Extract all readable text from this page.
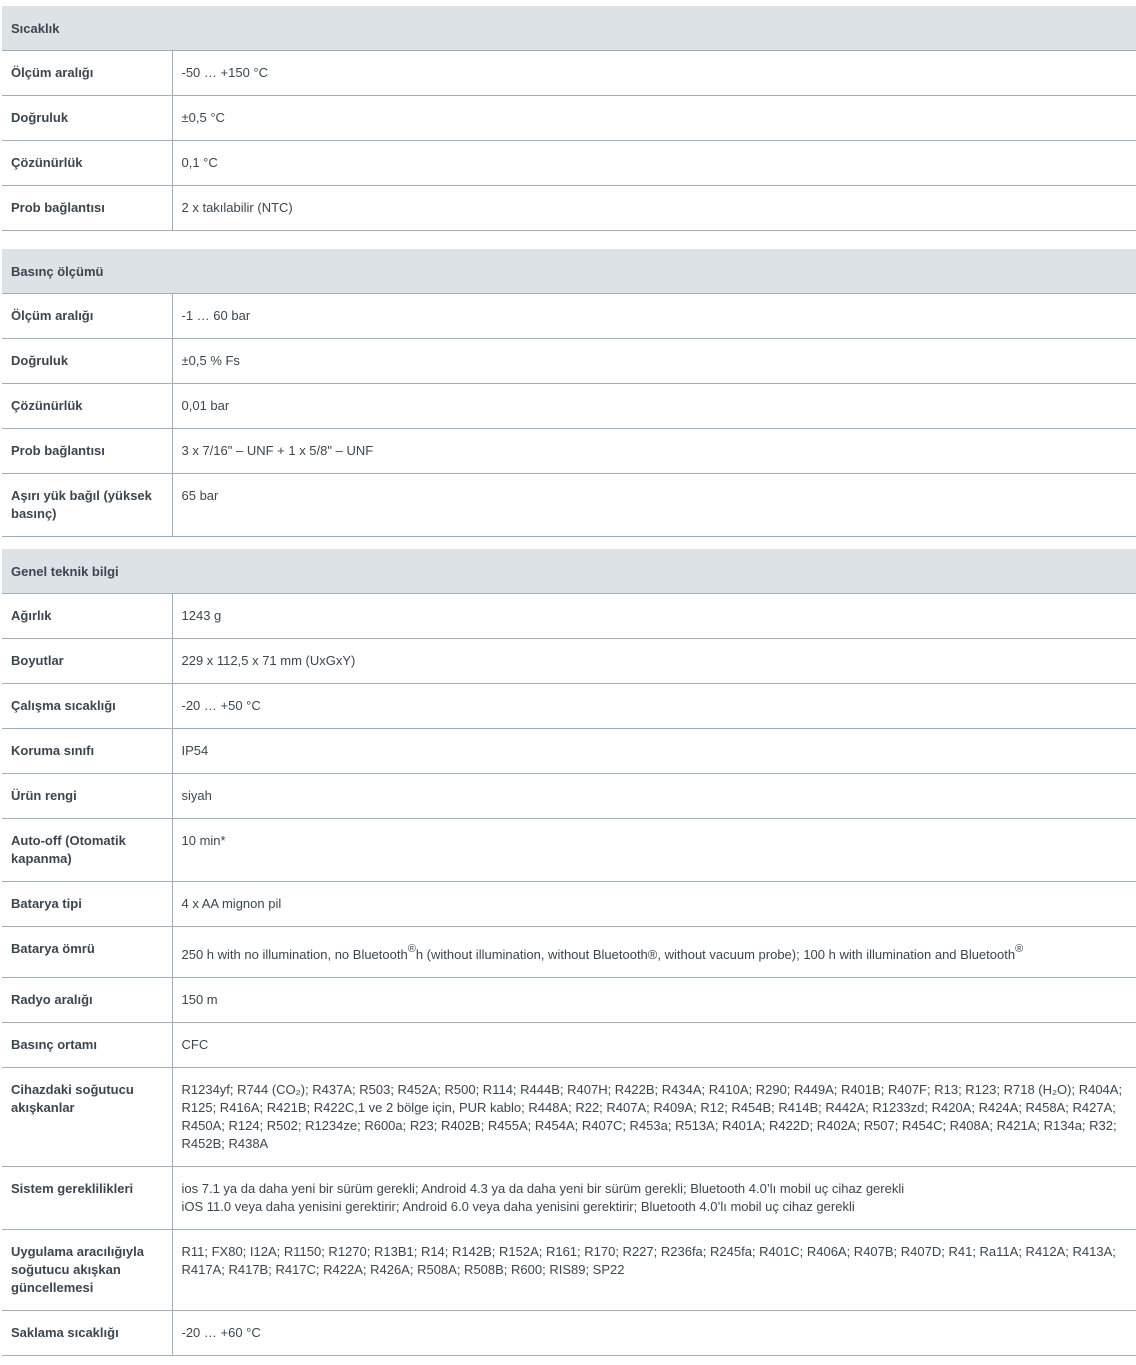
Sıcaklık	
Ölçüm aralığı	-50 … +150 °C
Doğruluk	±0,5 °C
Çözünürlük	0,1 °C
Prob bağlantısı	2 x takılabilir (NTC)
Basınç ölçümü	
Ölçüm aralığı	-1 … 60 bar
Doğruluk	±0,5 % Fs
Çözünürlük	0,01 bar
Prob bağlantısı	3 x 7/16" – UNF + 1 x 5/8" – UNF
Aşırı yük bağıl (yüksek basınç)	65 bar
Genel teknik bilgi	
Ağırlık	1243 g
Boyutlar	229 x 112,5 x 71 mm (UxGxY)
Çalışma sıcaklığı	-20 … +50 °C
Koruma sınıfı	IP54
Ürün rengi	siyah
Auto-off (Otomatik kapanma)	10 min*
Batarya tipi	4 x AA mignon pil
Batarya ömrü	250 h with no illumination, no Bluetooth®h (without illumination, without Bluetooth®, without vacuum probe); 100 h with illumination and Bluetooth®
Radyo aralığı	150 m
Basınç ortamı	CFC
Cihazdaki soğutucu akışkanlar	R1234yf; R744 (CO₂); R437A; R503; R452A; R500; R114; R444B; R407H; R422B; R434A; R410A; R290; R449A; R401B; R407F; R13; R123; R718 (H₂O); R404A; R125; R416A; R421B; R422C,1 ve 2 bölge için, PUR kablo; R448A; R22; R407A; R409A; R12; R454B; R414B; R442A; R1233zd; R420A; R424A; R458A; R427A; R450A; R124; R502; R1234ze; R600a; R23; R402B; R455A; R454A; R407C; R453a; R513A; R401A; R422D; R402A; R507; R454C; R408A; R421A; R134a; R32; R452B; R438A
Sistem gereklilikleri	ios 7.1 ya da daha yeni bir sürüm gerekli; Android 4.3 ya da daha yeni bir sürüm gerekli; Bluetooth 4.0’lı mobil uç cihaz gerekli
iOS 11.0 veya daha yenisini gerektirir; Android 6.0 veya daha yenisini gerektirir; Bluetooth 4.0’lı mobil uç cihaz gerekli

Uygulama aracılığıyla soğutucu akışkan güncellemesi	R11; FX80; I12A; R1150; R1270; R13B1; R14; R142B; R152A; R161; R170; R227; R236fa; R245fa; R401C; R406A; R407B; R407D; R41; Ra11A; R412A; R413A; R417A; R417B; R417C; R422A; R426A; R508A; R508B; R600; RIS89; SP22
Saklama sıcaklığı	-20 … +60 °C
